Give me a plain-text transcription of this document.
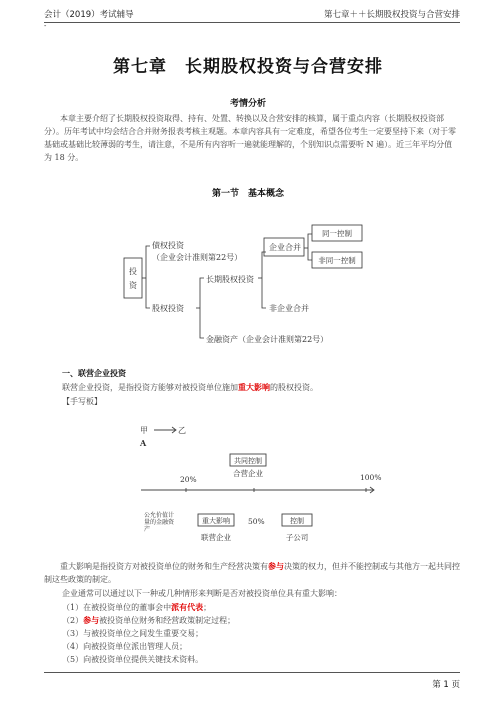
会计（2019）考试辅导	第七章＋＋长期股权投资与合营安排
-
第七章　长期股权投资与合营安排
考情分析
本章主要介绍了长期股权投资取得、持有、处置、转换以及合营安排的核算，属于重点内容（长期股权投资部分）。历年考试中均会结合合并财务报表考核主观题。本章内容具有一定难度，希望各位考生一定要坚持下来（对于零基础或基础比较薄弱的考生，请注意，不是所有内容听一遍就能理解的，个别知识点需要听 N 遍）。近三年平均分值为 18 分。
第一节　基本概念
投
资
债权投资
（企业会计准则第22号）
股权投资
长期股权投资
企业合并
同一控制
非同一控制
非企业合并
金融资产（企业会计准则第22号）
一、联营企业投资
联营企业投资，是指投资方能够对被投资单位施加重大影响的股权投资。
【手写板】
甲	乙
A
共同控制
合营企业
20%	100%
50%
公允价值计
量的金融资
产
重大影响
联营企业
控制
子公司
重大影响是指投资方对被投资单位的财务和生产经营决策有参与决策的权力，但并不能控制或与其他方一起共同控制这些政策的制定。
企业通常可以通过以下一种或几种情形来判断是否对被投资单位具有重大影响：
（1）在被投资单位的董事会中派有代表；
（2）参与被投资单位财务和经营政策制定过程；
（3）与被投资单位之间发生重要交易；
（4）向被投资单位派出管理人员；
（5）向被投资单位提供关键技术资料。
第 1 页
